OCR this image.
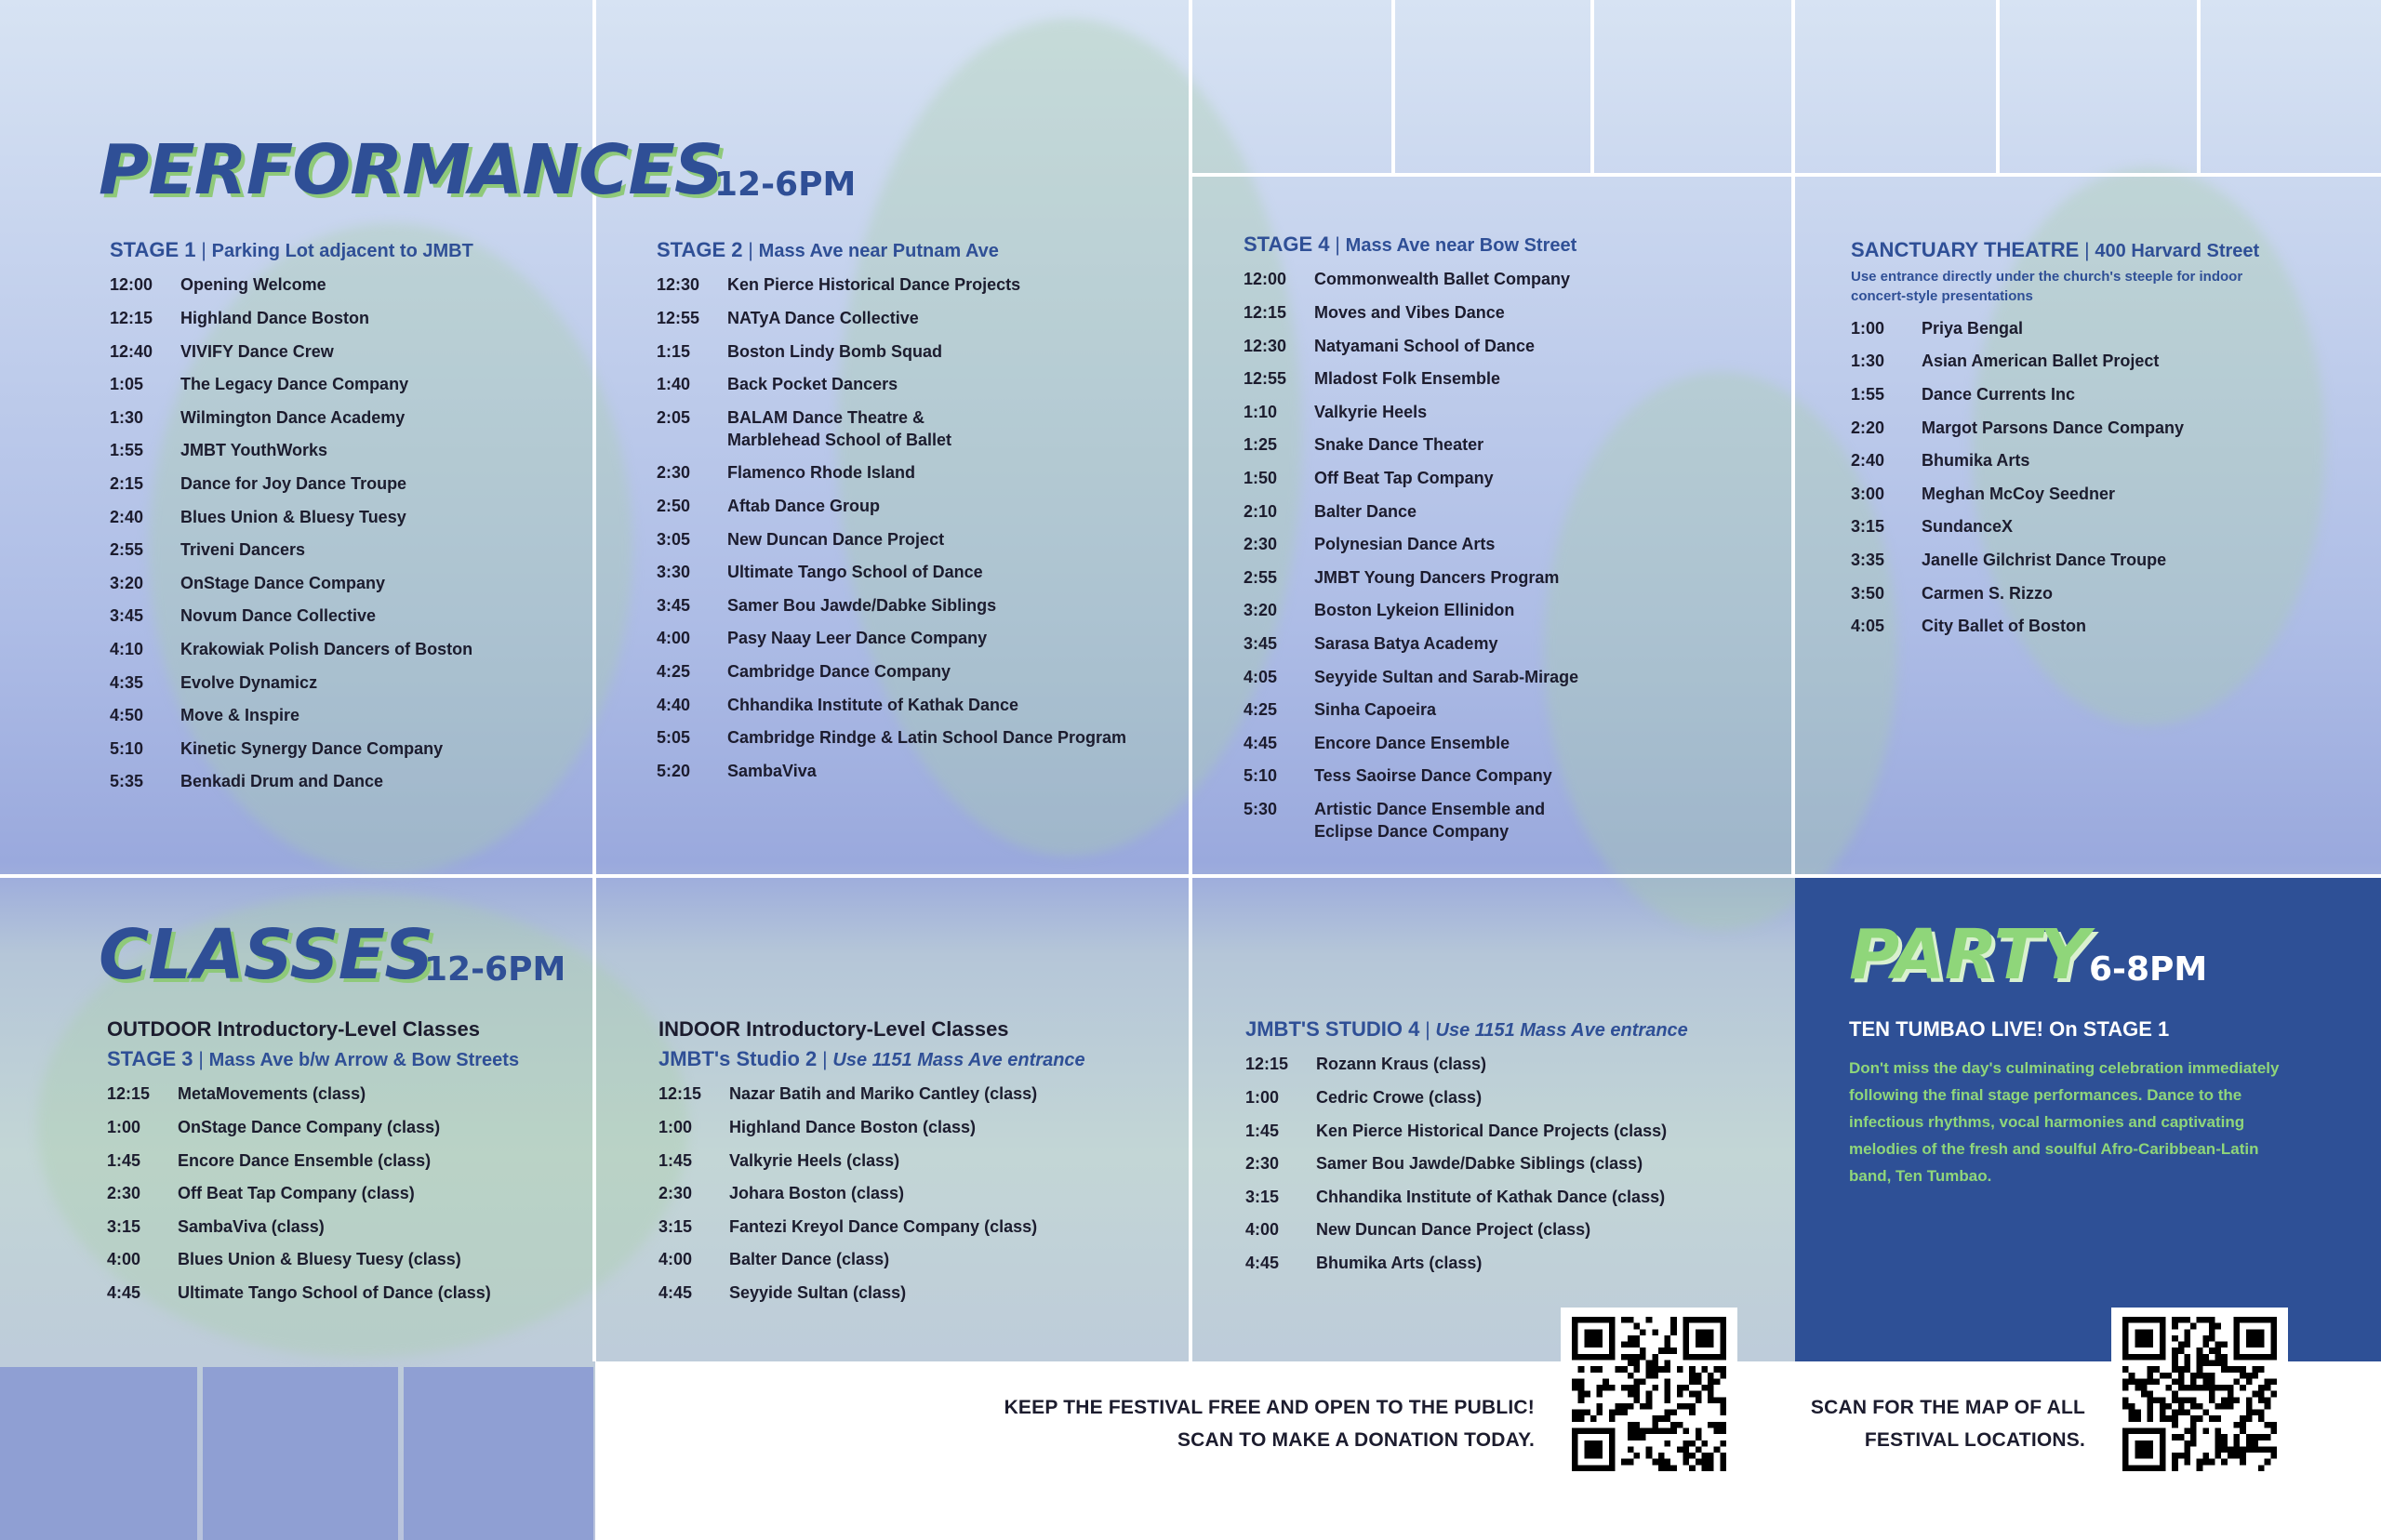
PERFORMANCES
12-6PM
STAGE 1 | Parking Lot adjacent to JMBT
12:00	Opening Welcome
12:15	Highland Dance Boston
12:40	VIVIFY Dance Crew
1:05	The Legacy Dance Company
1:30	Wilmington Dance Academy
1:55	JMBT YouthWorks
2:15	Dance for Joy Dance Troupe
2:40	Blues Union & Bluesy Tuesy
2:55	Triveni Dancers
3:20	OnStage Dance Company
3:45	Novum Dance Collective
4:10	Krakowiak Polish Dancers of Boston
4:35	Evolve Dynamicz
4:50	Move & Inspire
5:10	Kinetic Synergy Dance Company
5:35	Benkadi Drum and Dance
STAGE 2 | Mass Ave near Putnam Ave
12:30	Ken Pierce Historical Dance Projects
12:55	NATyA Dance Collective
1:15	Boston Lindy Bomb Squad
1:40	Back Pocket Dancers
2:05	BALAM Dance Theatre &
Marblehead School of Ballet
2:30	Flamenco Rhode Island
2:50	Aftab Dance Group
3:05	New Duncan Dance Project
3:30	Ultimate Tango School of Dance
3:45	Samer Bou Jawde/Dabke Siblings
4:00	Pasy Naay Leer Dance Company
4:25	Cambridge Dance Company
4:40	Chhandika Institute of Kathak Dance
5:05	Cambridge Rindge & Latin School Dance Program
5:20	SambaViva
STAGE 4 | Mass Ave near Bow Street
12:00	Commonwealth Ballet Company
12:15	Moves and Vibes Dance
12:30	Natyamani School of Dance
12:55	Mladost Folk Ensemble
1:10	Valkyrie Heels
1:25	Snake Dance Theater
1:50	Off Beat Tap Company
2:10	Balter Dance
2:30	Polynesian Dance Arts
2:55	JMBT Young Dancers Program
3:20	Boston Lykeion Ellinidon
3:45	Sarasa Batya Academy
4:05	Seyyide Sultan and Sarab-Mirage
4:25	Sinha Capoeira
4:45	Encore Dance Ensemble
5:10	Tess Saoirse Dance Company
5:30	Artistic Dance Ensemble and
Eclipse Dance Company
SANCTUARY THEATRE | 400 Harvard Street
Use entrance directly under the church's steeple for indoor concert-style presentations
1:00	Priya Bengal
1:30	Asian American Ballet Project
1:55	Dance Currents Inc
2:20	Margot Parsons Dance Company
2:40	Bhumika Arts
3:00	Meghan McCoy Seedner
3:15	SundanceX
3:35	Janelle Gilchrist Dance Troupe
3:50	Carmen S. Rizzo
4:05	City Ballet of Boston
CLASSES
12-6PM
OUTDOOR Introductory-Level Classes
STAGE 3 | Mass Ave b/w Arrow & Bow Streets
12:15	MetaMovements (class)
1:00	OnStage Dance Company (class)
1:45	Encore Dance Ensemble (class)
2:30	Off Beat Tap Company (class)
3:15	SambaViva (class)
4:00	Blues Union & Bluesy Tuesy (class)
4:45	Ultimate Tango School of Dance (class)
INDOOR Introductory-Level Classes
JMBT's Studio 2 | Use 1151 Mass Ave entrance
12:15	Nazar Batih and Mariko Cantley (class)
1:00	Highland Dance Boston (class)
1:45	Valkyrie Heels (class)
2:30	Johara Boston (class)
3:15	Fantezi Kreyol Dance Company (class)
4:00	Balter Dance (class)
4:45	Seyyide Sultan (class)
JMBT'S STUDIO 4 | Use 1151 Mass Ave entrance
12:15	Rozann Kraus (class)
1:00	Cedric Crowe (class)
1:45	Ken Pierce Historical Dance Projects (class)
2:30	Samer Bou Jawde/Dabke Siblings (class)
3:15	Chhandika Institute of Kathak Dance (class)
4:00	New Duncan Dance Project (class)
4:45	Bhumika Arts (class)
PARTY 6-8PM
TEN TUMBAO LIVE! On STAGE 1
Don't miss the day's culminating celebration immediately following the final stage performances. Dance to the infectious rhythms, vocal harmonies and captivating melodies of the fresh and soulful Afro-Caribbean-Latin band, Ten Tumbao.
KEEP THE FESTIVAL FREE AND OPEN TO THE PUBLIC!
SCAN TO MAKE A DONATION TODAY.
SCAN FOR THE MAP OF ALL
FESTIVAL LOCATIONS.
